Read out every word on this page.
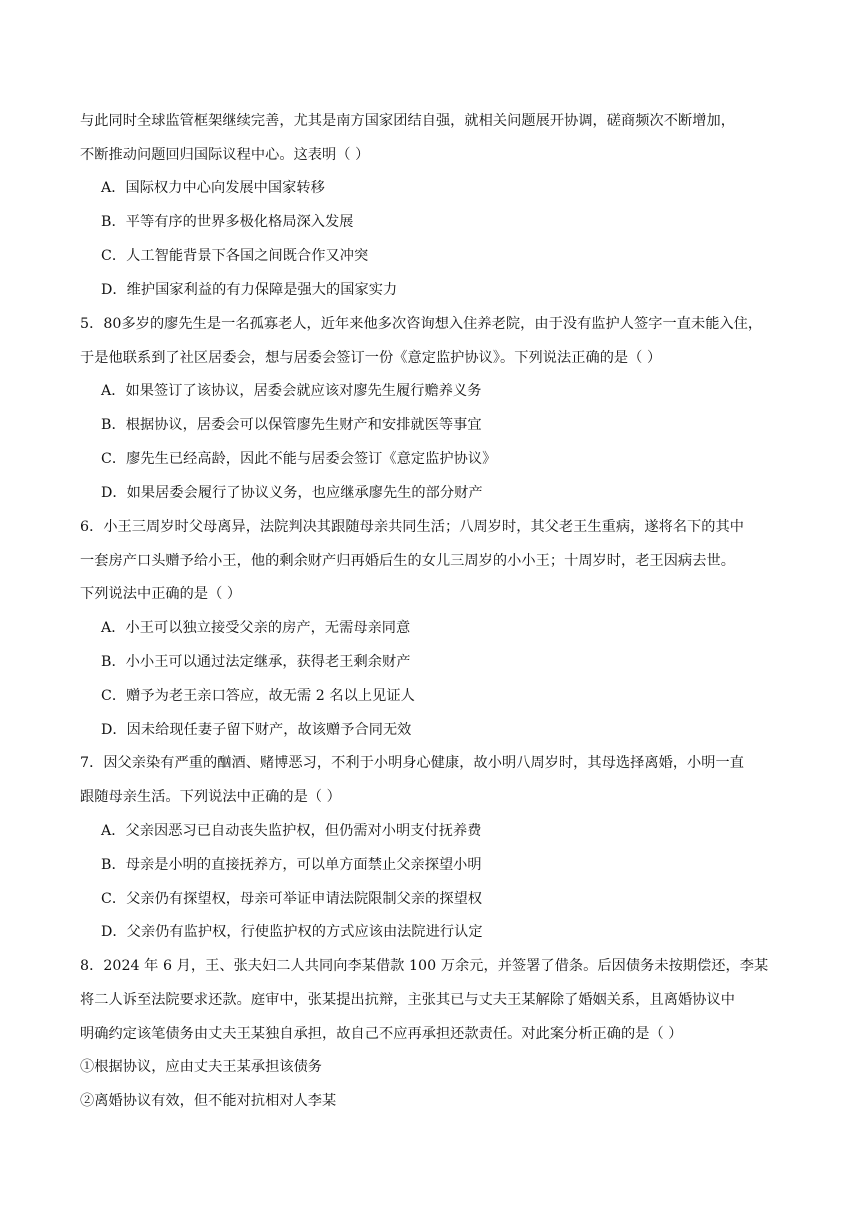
与此同时全球监管框架继续完善，尤其是南方国家团结自强，就相关问题展开协调，磋商频次不断增加，
不断推动问题回归国际议程中心。这表明（ ）
A．国际权力中心向发展中国家转移
B．平等有序的世界多极化格局深入发展
C．人工智能背景下各国之间既合作又冲突
D．维护国家利益的有力保障是强大的国家实力
5．80多岁的廖先生是一名孤寡老人，近年来他多次咨询想入住养老院，由于没有监护人签字一直未能入住，
于是他联系到了社区居委会，想与居委会签订一份《意定监护协议》。下列说法正确的是（ ）
A．如果签订了该协议，居委会就应该对廖先生履行赡养义务
B．根据协议，居委会可以保管廖先生财产和安排就医等事宜
C．廖先生已经高龄，因此不能与居委会签订《意定监护协议》
D．如果居委会履行了协议义务，也应继承廖先生的部分财产
6．小王三周岁时父母离异，法院判决其跟随母亲共同生活；八周岁时，其父老王生重病，遂将名下的其中
一套房产口头赠予给小王，他的剩余财产归再婚后生的女儿三周岁的小小王；十周岁时，老王因病去世。
下列说法中正确的是（ ）
A．小王可以独立接受父亲的房产，无需母亲同意
B．小小王可以通过法定继承，获得老王剩余财产
C．赠予为老王亲口答应，故无需 2 名以上见证人
D．因未给现任妻子留下财产，故该赠予合同无效
7．因父亲染有严重的酗酒、赌博恶习，不利于小明身心健康，故小明八周岁时，其母选择离婚，小明一直
跟随母亲生活。下列说法中正确的是（ ）
A．父亲因恶习已自动丧失监护权，但仍需对小明支付抚养费
B．母亲是小明的直接抚养方，可以单方面禁止父亲探望小明
C．父亲仍有探望权，母亲可举证申请法院限制父亲的探望权
D．父亲仍有监护权，行使监护权的方式应该由法院进行认定
8．2024 年 6 月，王、张夫妇二人共同向李某借款 100 万余元，并签署了借条。后因债务未按期偿还，李某
将二人诉至法院要求还款。庭审中，张某提出抗辩，主张其已与丈夫王某解除了婚姻关系，且离婚协议中
明确约定该笔债务由丈夫王某独自承担，故自己不应再承担还款责任。对此案分析正确的是（ ）
①根据协议，应由丈夫王某承担该债务
②离婚协议有效，但不能对抗相对人李某
